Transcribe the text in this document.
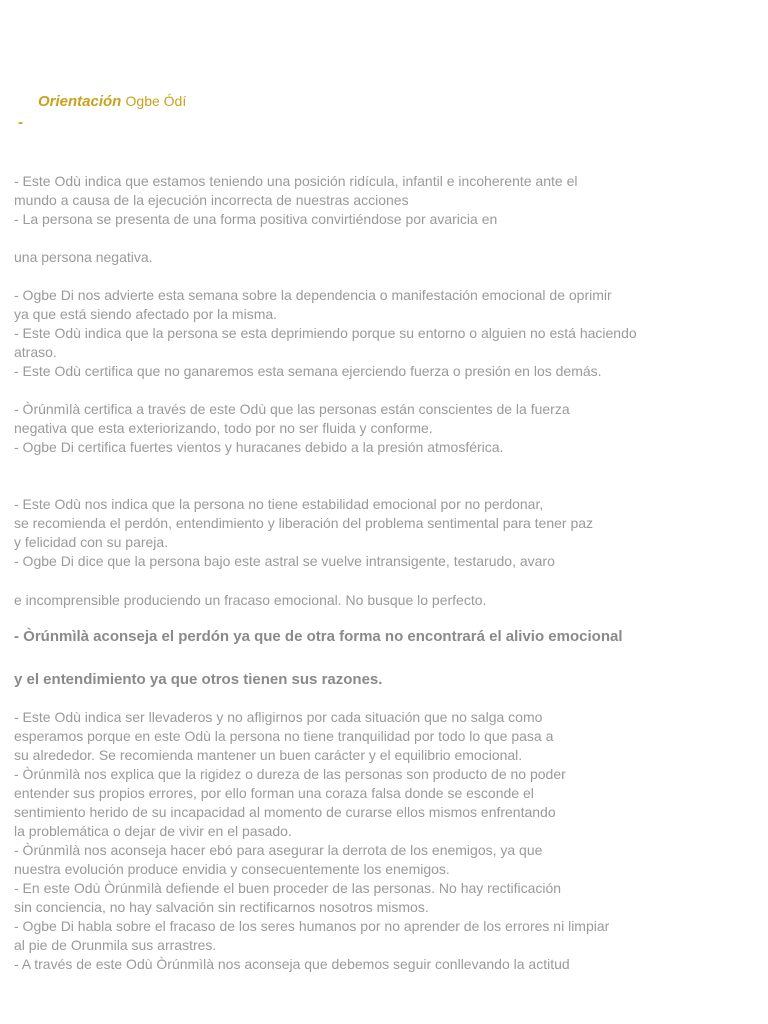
Orientación Ogbe Ódí
-
- Este Odù indica que estamos teniendo una posición ridícula, infantil e incoherente ante el
mundo a causa de la ejecución incorrecta de nuestras acciones
- La persona se presenta de una forma positiva convirtiéndose por avaricia en
una persona negativa.
- Ogbe Di nos advierte esta semana sobre la dependencia o manifestación emocional de oprimir
ya que está siendo afectado por la misma.
- Este Odù indica que la persona se esta deprimiendo porque su entorno o alguien no está haciendo
atraso.
- Este Odù certifica que no ganaremos esta semana ejerciendo fuerza o presión en los demás.
- Òrúnmìlà certifica a través de este Odù que las personas están conscientes de la fuerza
negativa que esta exteriorizando, todo por no ser fluida y conforme.
- Ogbe Di certifica fuertes vientos y huracanes debido a la presión atmosférica.
- Este Odù nos indica que la persona no tiene estabilidad emocional por no perdonar,
se recomienda el perdón, entendimiento y liberación del problema sentimental para tener paz
y felicidad con su pareja.
- Ogbe Di dice que la persona bajo este astral se vuelve intransigente, testarudo, avaro
e incomprensible produciendo un fracaso emocional. No busque lo perfecto.
- Òrúnmìlà aconseja el perdón ya que de otra forma no encontrará el alivio emocional
y el entendimiento ya que otros tienen sus razones.
- Este Odù indica ser llevaderos y no afligirnos por cada situación que no salga como
esperamos porque en este Odù la persona no tiene tranquilidad por todo lo que pasa a
su alrededor. Se recomienda mantener un buen carácter y el equilibrio emocional.
- Òrúnmìlà nos explica que la rigidez o dureza de las personas son producto de no poder
entender sus propios errores, por ello forman una coraza falsa donde se esconde el
sentimiento herido de su incapacidad al momento de curarse ellos mismos enfrentando
la problemática o dejar de vivir en el pasado.
- Òrúnmìlà nos aconseja hacer ebó para asegurar la derrota de los enemigos, ya que
nuestra evolución produce envidia y consecuentemente los enemigos.
- En este Odù Òrúnmìlà defiende el buen proceder de las personas. No hay rectificación
sin conciencia, no hay salvación sin rectificarnos nosotros mismos.
- Ogbe Di habla sobre el fracaso de los seres humanos por no aprender de los errores ni limpiar
al pie de Orunmila sus arrastres.
- A través de este Odù Òrúnmìlà nos aconseja que debemos seguir conllevando la actitud
